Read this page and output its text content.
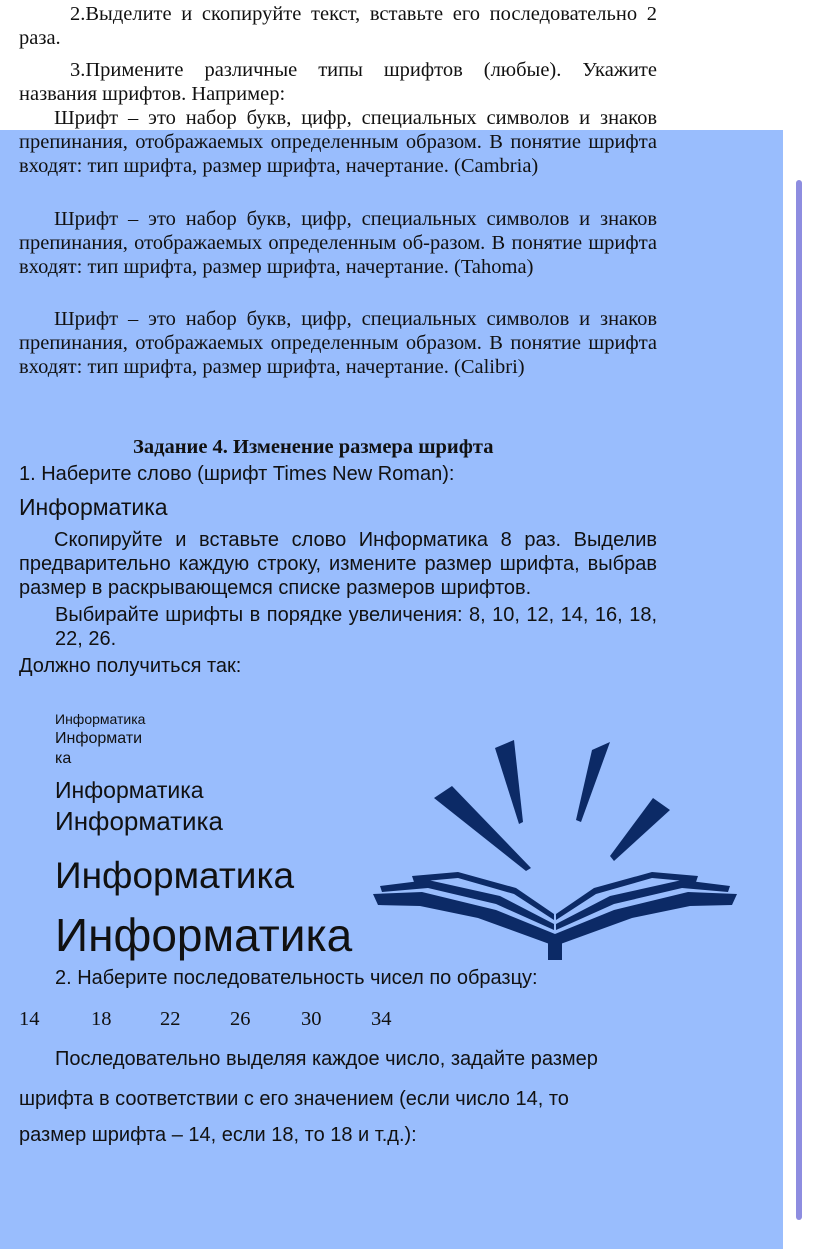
2.Выделите и скопируйте текст, вставьте его последовательно 2 раза.
3.Примените различные типы шрифтов (любые). Укажите названия шрифтов. Например:
Шрифт – это набор букв, цифр, специальных символов и знаков препинания, отображаемых определенным образом. В понятие шрифта входят: тип шрифта, размер шрифта, начертание. (Cambria)
Шрифт – это набор букв, цифр, специальных символов и знаков препинания, отображаемых определенным об-разом. В понятие шрифта входят: тип шрифта, размер шрифта, начертание. (Tahoma)
Шрифт – это набор букв, цифр, специальных символов и знаков препинания, отображаемых определенным образом. В понятие шрифта входят: тип шрифта, размер шрифта, начертание. (Calibri)
Задание 4. Изменение размера шрифта
1. Наберите слово (шрифт Times New Roman):
Информатика
Скопируйте и вставьте слово Информатика 8 раз. Выделив предварительно каждую строку, измените размер шрифта, выбрав размер в раскрывающемся списке размеров шрифтов.
Выбирайте шрифты в порядке увеличения: 8, 10, 12, 14, 16, 18, 22, 26.
Должно получиться так:
Информатика
Информати
ка
Информатика
Информатика
Информатика
Информатика
2. Наберите последовательность чисел по образцу:
14	18 22 26 30 34
Последовательно выделяя каждое число, задайте размер
шрифта в соответствии с его значением (если число 14, то
размер шрифта – 14, если 18, то 18 и т.д.):
